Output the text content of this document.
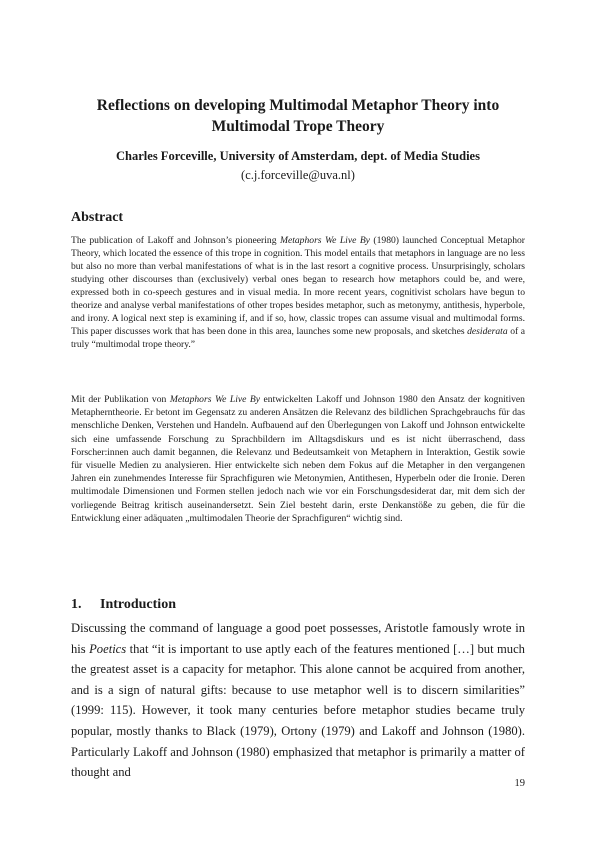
Reflections on developing Multimodal Metaphor Theory into
Multimodal Trope Theory
Charles Forceville, University of Amsterdam, dept. of Media Studies
(c.j.forceville@uva.nl)
Abstract

The publication of Lakoff and Johnson’s pioneering Metaphors We Live By (1980) launched Conceptual Metaphor Theory, which located the essence of this trope in cognition. This model entails that metaphors in language are no less but also no more than verbal manifestations of what is in the last resort a cognitive process. Unsurprisingly, scholars studying other discourses than (exclusively) verbal ones began to research how metaphors could be, and were, expressed both in co-speech gestures and in visual media. In more recent years, cognitivist scholars have begun to theorize and analyse verbal manifestations of other tropes besides metaphor, such as metonymy, antithesis, hyperbole, and irony. A logical next step is examining if, and if so, how, classic tropes can assume visual and multimodal forms. This paper discusses work that has been done in this area, launches some new proposals, and sketches desiderata of a truly “multimodal trope theory.”

Mit der Publikation von Metaphors We Live By entwickelten Lakoff und Johnson 1980 den Ansatz der kognitiven Metapherntheorie. Er betont im Gegensatz zu anderen Ansätzen die Relevanz des bildlichen Sprachgebrauchs für das menschliche Denken, Verstehen und Handeln. Aufbauend auf den Überlegungen von Lakoff und Johnson entwickelte sich eine umfassende Forschung zu Sprachbildern im Alltagsdiskurs und es ist nicht überraschend, dass Forscher:innen auch damit begannen, die Relevanz und Bedeutsamkeit von Metaphern in Interaktion, Gestik sowie für visuelle Medien zu analysieren. Hier entwickelte sich neben dem Fokus auf die Metapher in den vergangenen Jahren ein zunehmendes Interesse für Sprachfiguren wie Metonymien, Antithesen, Hyperbeln oder die Ironie. Deren multimodale Dimensionen und Formen stellen jedoch nach wie vor ein Forschungsdesiderat dar, mit dem sich der vorliegende Beitrag kritisch auseinandersetzt. Sein Ziel besteht darin, erste Denkanstöße zu geben, die für die Entwicklung einer adäquaten „multimodalen Theorie der Sprachfiguren“ wichtig sind.

1. Introduction

Discussing the command of language a good poet possesses, Aristotle famously wrote in his Poetics that “it is important to use aptly each of the features mentioned […] but much the greatest asset is a capacity for metaphor. This alone cannot be acquired from another, and is a sign of natural gifts: because to use metaphor well is to discern similarities” (1999: 115). However, it took many centuries before metaphor studies became truly popular, mostly thanks to Black (1979), Ortony (1979) and Lakoff and Johnson (1980). Particularly Lakoff and Johnson (1980) emphasized that metaphor is primarily a matter of thought and

19
